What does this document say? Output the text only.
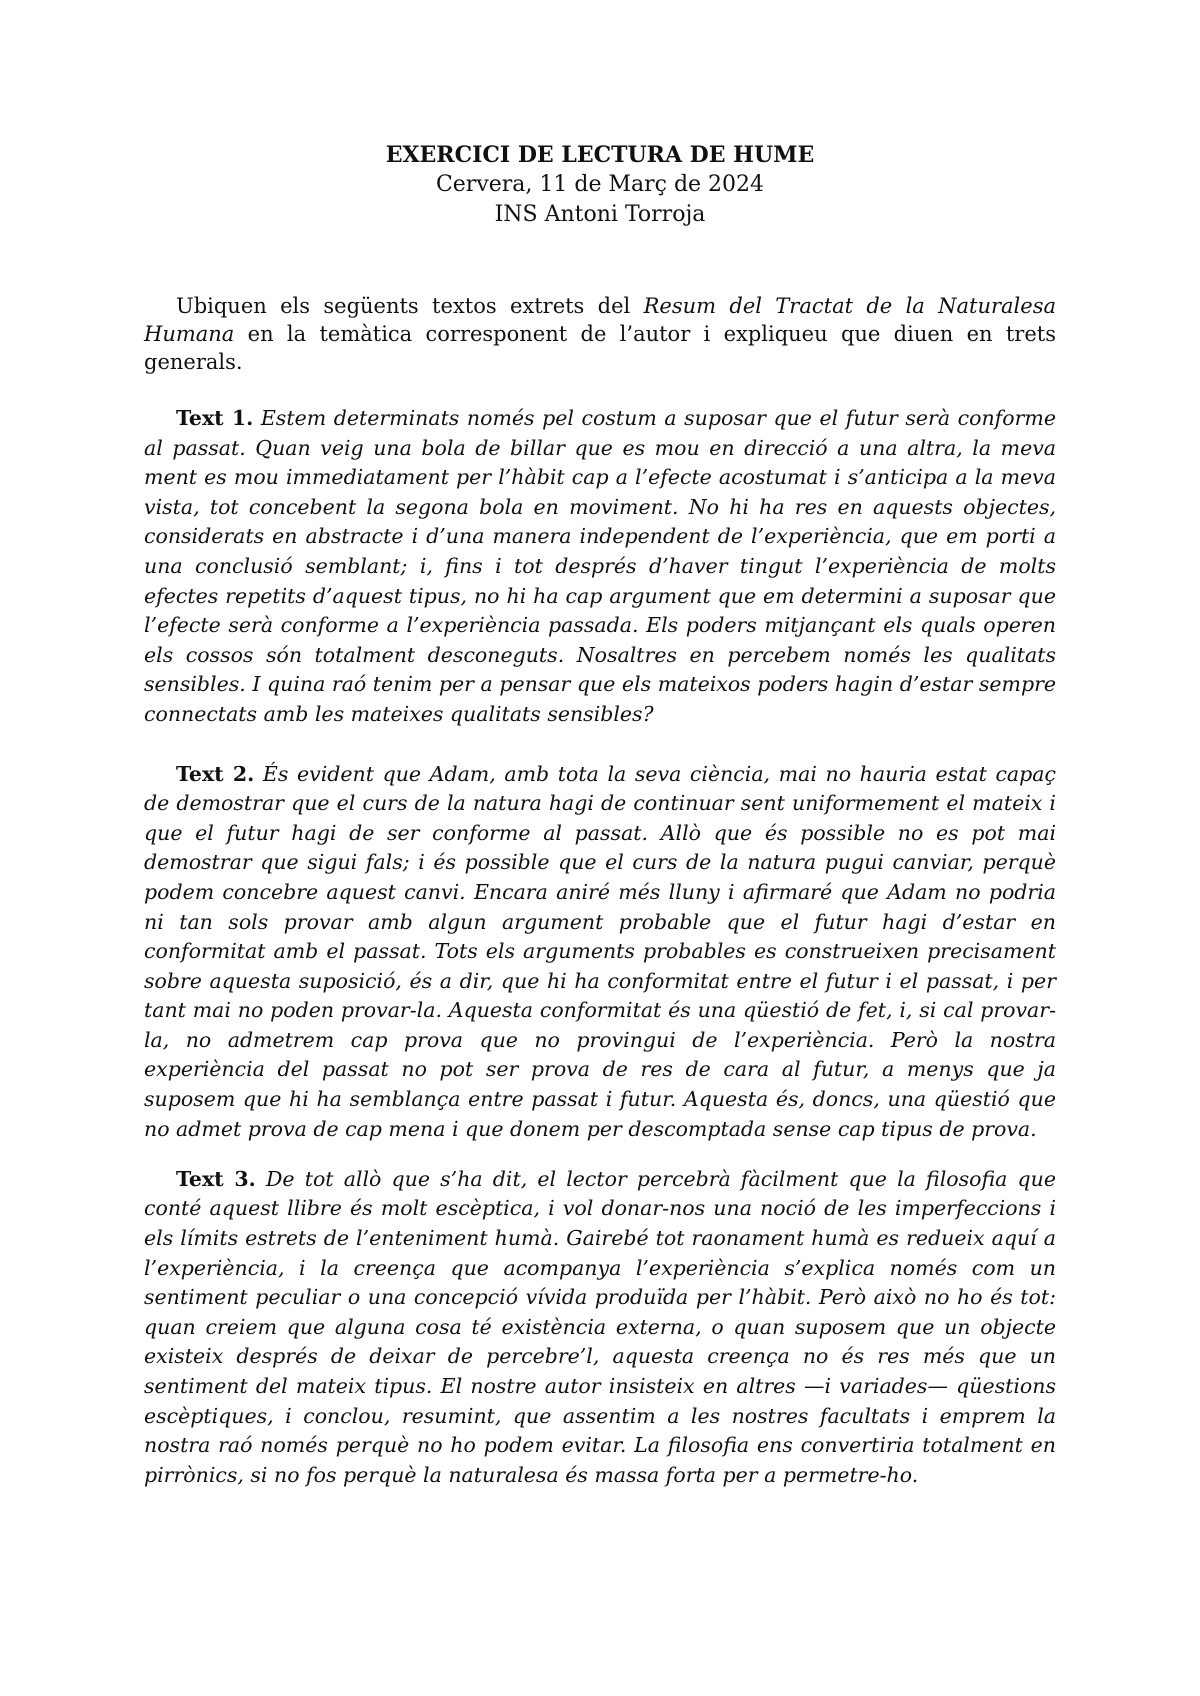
EXERCICI DE LECTURA DE HUME
Cervera, 11 de Març de 2024
INS Antoni Torroja

Ubiquen els següents textos extrets del Resum del Tractat de la Naturalesa Humana en la temàtica corresponent de l’autor i expliqueu que diuen en trets generals.

Text 1. Estem determinats només pel costum a suposar que el futur serà conforme al passat. Quan veig una bola de billar que es mou en direcció a una altra, la meva ment es mou immediatament per l’hàbit cap a l’efecte acostumat i s’anticipa a la meva vista, tot concebent la segona bola en moviment. No hi ha res en aquests objectes, considerats en abstracte i d’una manera independent de l’experiència, que em porti a una conclusió semblant; i, fins i tot després d’haver tingut l’experiència de molts efectes repetits d’aquest tipus, no hi ha cap argument que em determini a suposar que l’efecte serà conforme a l’experiència passada. Els poders mitjançant els quals operen els cossos són totalment desconeguts. Nosaltres en percebem només les qualitats sensibles. I quina raó tenim per a pensar que els mateixos poders hagin d’estar sempre connectats amb les mateixes qualitats sensibles?

Text 2. És evident que Adam, amb tota la seva ciència, mai no hauria estat capaç de demostrar que el curs de la natura hagi de continuar sent uniformement el mateix i que el futur hagi de ser conforme al passat. Allò que és possible no es pot mai demostrar que sigui fals; i és possible que el curs de la natura pugui canviar, perquè podem concebre aquest canvi. Encara aniré més lluny i afirmaré que Adam no podria ni tan sols provar amb algun argument probable que el futur hagi d’estar en conformitat amb el passat. Tots els arguments probables es construeixen precisament sobre aquesta suposició, és a dir, que hi ha conformitat entre el futur i el passat, i per tant mai no poden provar-la. Aquesta conformitat és una qüestió de fet, i, si cal provar-la, no admetrem cap prova que no provingui de l’experiència. Però la nostra experiència del passat no pot ser prova de res de cara al futur, a menys que ja suposem que hi ha semblança entre passat i futur. Aquesta és, doncs, una qüestió que no admet prova de cap mena i que donem per descomptada sense cap tipus de prova.

Text 3. De tot allò que s’ha dit, el lector percebrà fàcilment que la filosofia que conté aquest llibre és molt escèptica, i vol donar-nos una noció de les imperfeccions i els límits estrets de l’enteniment humà. Gairebé tot raonament humà es redueix aquí a l’experiència, i la creença que acompanya l’experiència s’explica només com un sentiment peculiar o una concepció vívida produïda per l’hàbit. Però això no ho és tot: quan creiem que alguna cosa té existència externa, o quan suposem que un objecte existeix després de deixar de percebre’l, aquesta creença no és res més que un sentiment del mateix tipus. El nostre autor insisteix en altres —i variades— qüestions escèptiques, i conclou, resumint, que assentim a les nostres facultats i emprem la nostra raó només perquè no ho podem evitar. La filosofia ens convertiria totalment en pirrònics, si no fos perquè la naturalesa és massa forta per a permetre-ho.
